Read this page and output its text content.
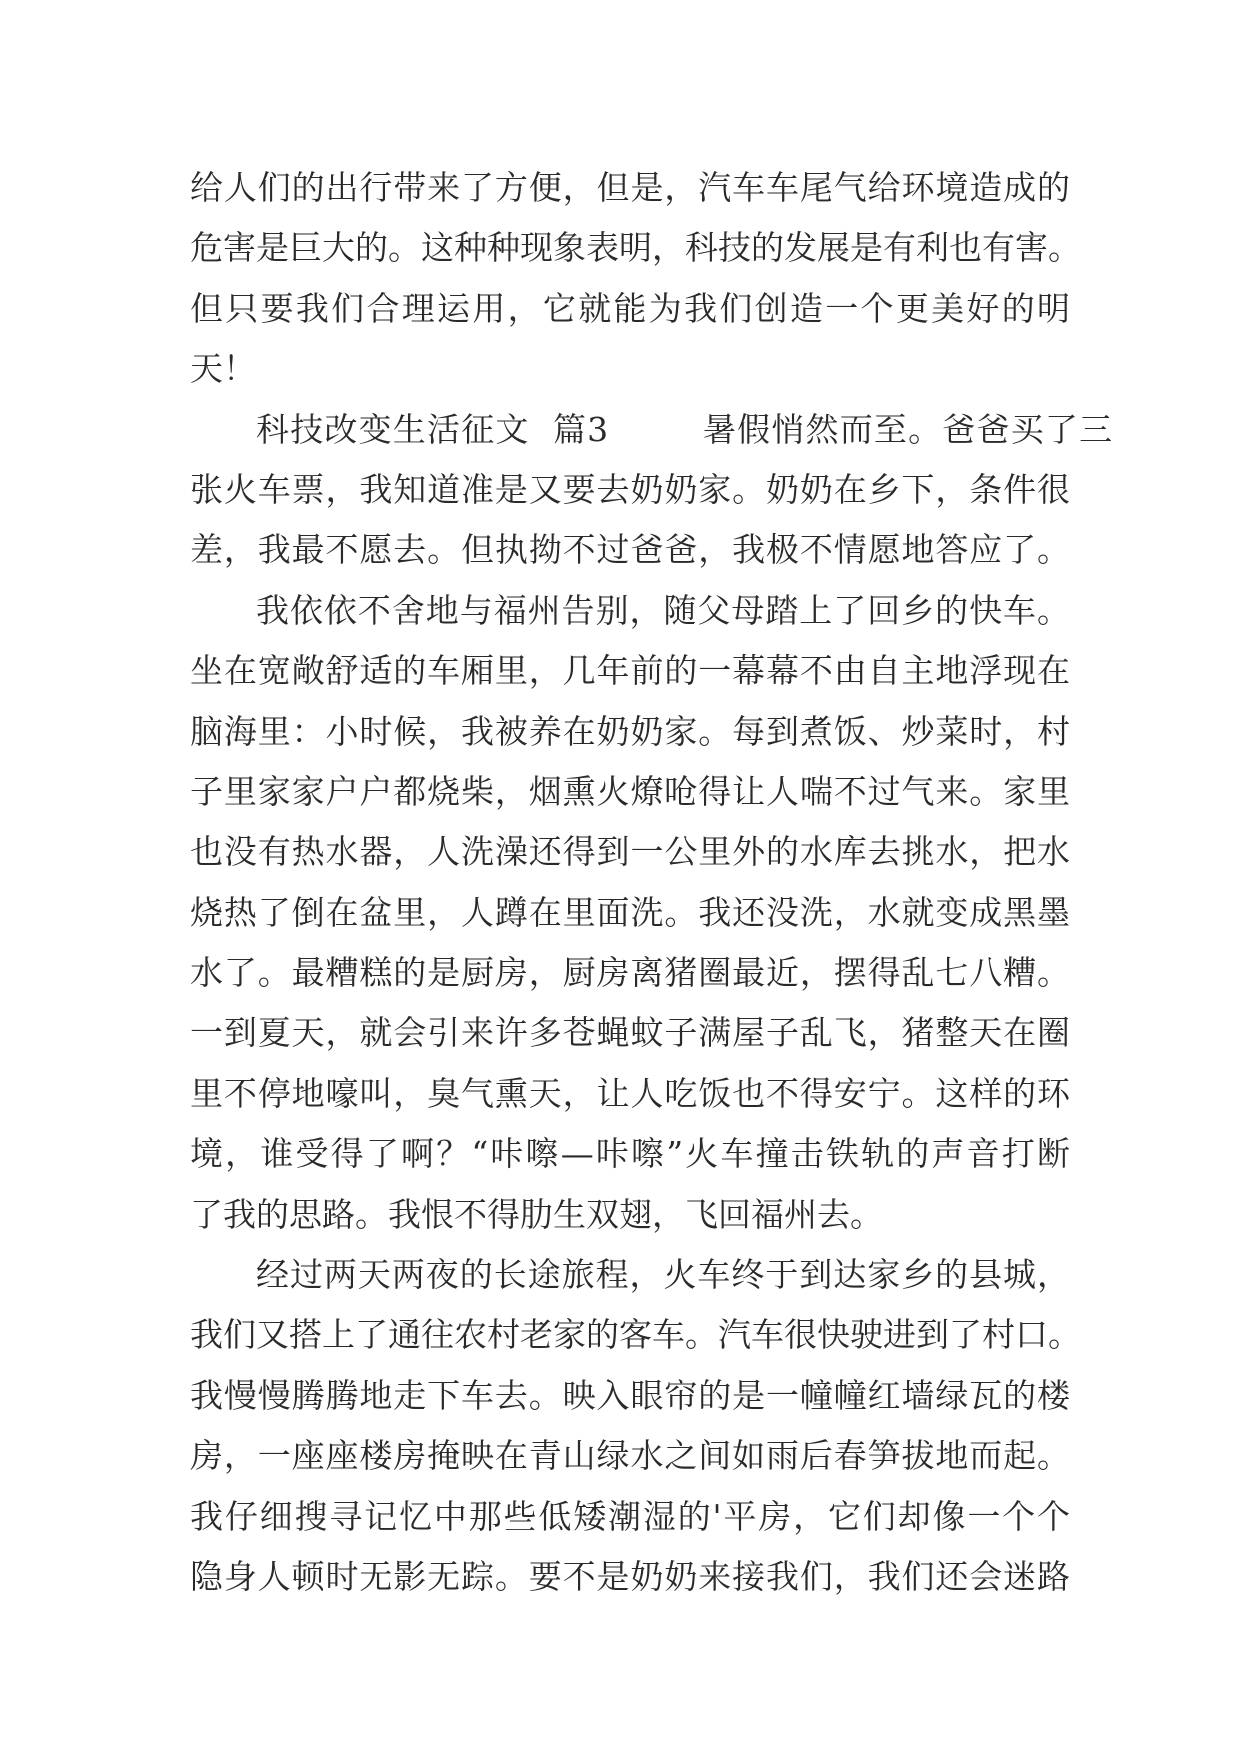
给人们的出行带来了方便，但是，汽车车尾气给环境造成的
危害是巨大的。这种种现象表明，科技的发展是有利也有害。
但只要我们合理运用，它就能为我们创造一个更美好的明
天！
科技改变生活征文  篇3        暑假悄然而至。爸爸买了三
张火车票，我知道准是又要去奶奶家。奶奶在乡下，条件很
差，我最不愿去。但执拗不过爸爸，我极不情愿地答应了。
我依依不舍地与福州告别，随父母踏上了回乡的快车。
坐在宽敞舒适的车厢里，几年前的一幕幕不由自主地浮现在
脑海里：小时候，我被养在奶奶家。每到煮饭、炒菜时，村
子里家家户户都烧柴，烟熏火燎呛得让人喘不过气来。家里
也没有热水器，人洗澡还得到一公里外的水库去挑水，把水
烧热了倒在盆里，人蹲在里面洗。我还没洗，水就变成黑墨
水了。最糟糕的是厨房，厨房离猪圈最近，摆得乱七八糟。
一到夏天，就会引来许多苍蝇蚊子满屋子乱飞，猪整天在圈
里不停地嚎叫，臭气熏天，让人吃饭也不得安宁。这样的环
境，谁受得了啊？“咔嚓—咔嚓”火车撞击铁轨的声音打断
了我的思路。我恨不得肋生双翅，飞回福州去。
经过两天两夜的长途旅程，火车终于到达家乡的县城，
我们又搭上了通往农村老家的客车。汽车很快驶进到了村口。
我慢慢腾腾地走下车去。映入眼帘的是一幢幢红墙绿瓦的楼
房，一座座楼房掩映在青山绿水之间如雨后春笋拔地而起。
我仔细搜寻记忆中那些低矮潮湿的'平房，它们却像一个个
隐身人顿时无影无踪。要不是奶奶来接我们，我们还会迷路
